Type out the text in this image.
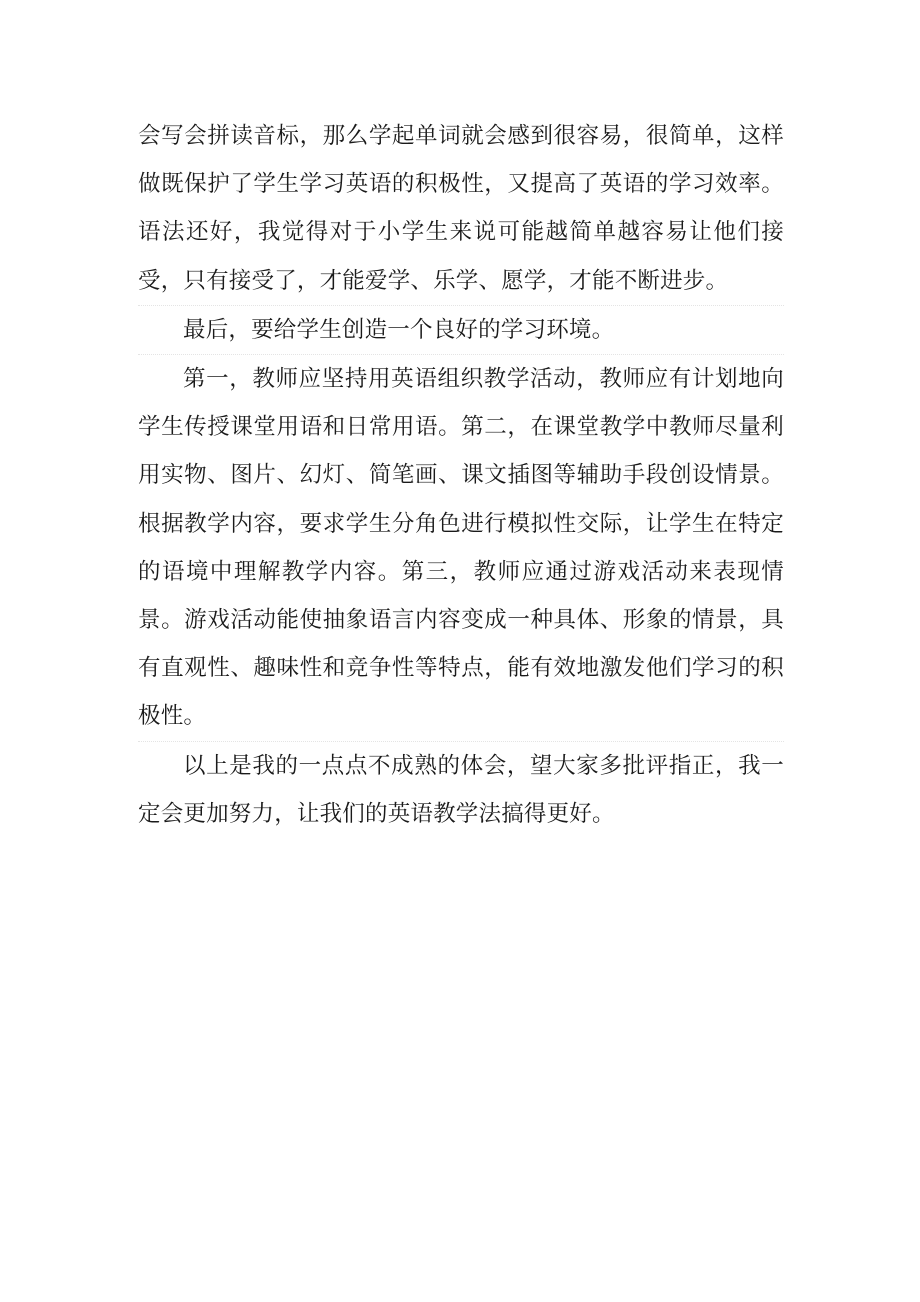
会写会拼读音标，那么学起单词就会感到很容易，很简单，这样做既保护了学生学习英语的积极性，又提高了英语的学习效率。语法还好，我觉得对于小学生来说可能越简单越容易让他们接受，只有接受了，才能爱学、乐学、愿学，才能不断进步。

最后，要给学生创造一个良好的学习环境。

第一，教师应坚持用英语组织教学活动，教师应有计划地向学生传授课堂用语和日常用语。第二，在课堂教学中教师尽量利用实物、图片、幻灯、简笔画、课文插图等辅助手段创设情景。根据教学内容，要求学生分角色进行模拟性交际，让学生在特定的语境中理解教学内容。第三，教师应通过游戏活动来表现情景。游戏活动能使抽象语言内容变成一种具体、形象的情景，具有直观性、趣味性和竞争性等特点，能有效地激发他们学习的积极性。

以上是我的一点点不成熟的体会，望大家多批评指正，我一定会更加努力，让我们的英语教学法搞得更好。
